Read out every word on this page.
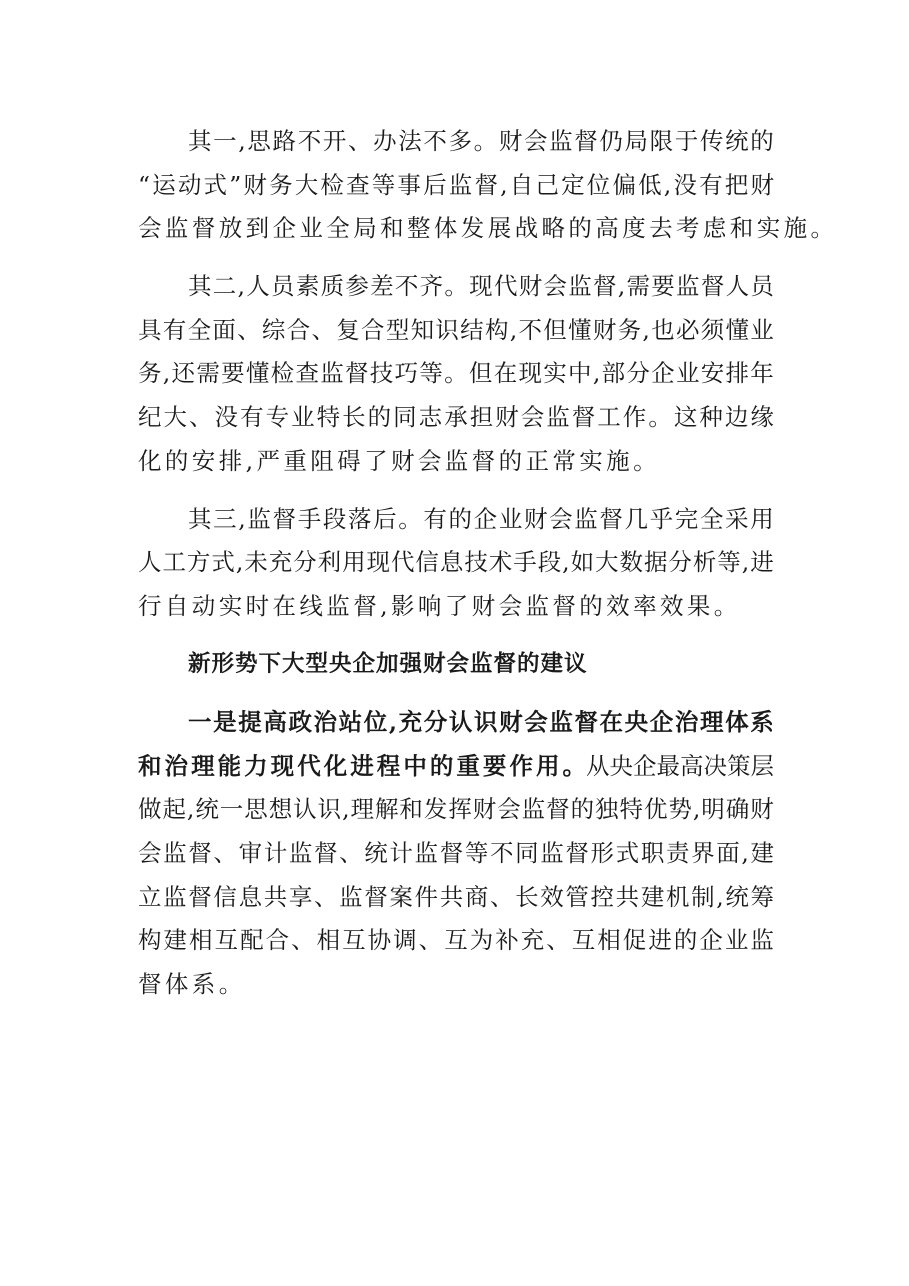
其 一 , 思 路 不 开 、 办 法 不 多 。 财 会 监 督 仍 局 限 于 传 统 的
“ 运 动 式 ” 财 务 大 检 查 等 事 后 监 督 , 自 己 定 位 偏 低 , 没 有 把 财
会监督放到企业全局和整体发展战略的高度去考虑和实施。
其 二 , 人 员 素 质 参 差 不 齐 。 现 代 财 会 监 督 , 需 要 监 督 人 员
具 有 全 面 、 综 合 、 复 合 型 知 识 结 构 , 不 但 懂 财 务 , 也 必 须 懂 业
务 , 还 需 要 懂 检 查 监 督 技 巧 等 。 但 在 现 实 中 , 部 分 企 业 安 排 年
纪 大 、 没 有 专 业 特 长 的 同 志 承 担 财 会 监 督 工 作 。 这 种 边 缘
化的安排,严重阻碍了财会监督的正常实施。
其 三 , 监 督 手 段 落 后 。 有 的 企 业 财 会 监 督 几 乎 完 全 采 用
人 工 方 式 , 未 充 分 利 用 现 代 信 息 技 术 手 段 , 如 大 数 据 分 析 等 , 进
行自动实时在线监督,影响了财会监督的效率效果。
新形势下大型央企加强财会监督的建议
一 是 提 高 政 治 站 位 , 充 分 认 识 财 会 监 督 在 央 企 治 理 体 系
和 治 理 能 力 现 代 化 进 程 中 的 重 要 作 用 。 从 央 企 最 高 决 策 层
做 起 , 统 一 思 想 认 识 , 理 解 和 发 挥 财 会 监 督 的 独 特 优 势 , 明 确 财
会 监 督 、 审 计 监 督 、 统 计 监 督 等 不 同 监 督 形 式 职 责 界 面 , 建
立 监 督 信 息 共 享 、 监 督 案 件 共 商 、 长 效 管 控 共 建 机 制 , 统 筹
构 建 相 互 配 合 、 相 互 协 调 、 互 为 补 充 、 互 相 促 进 的 企 业 监
督体系。
